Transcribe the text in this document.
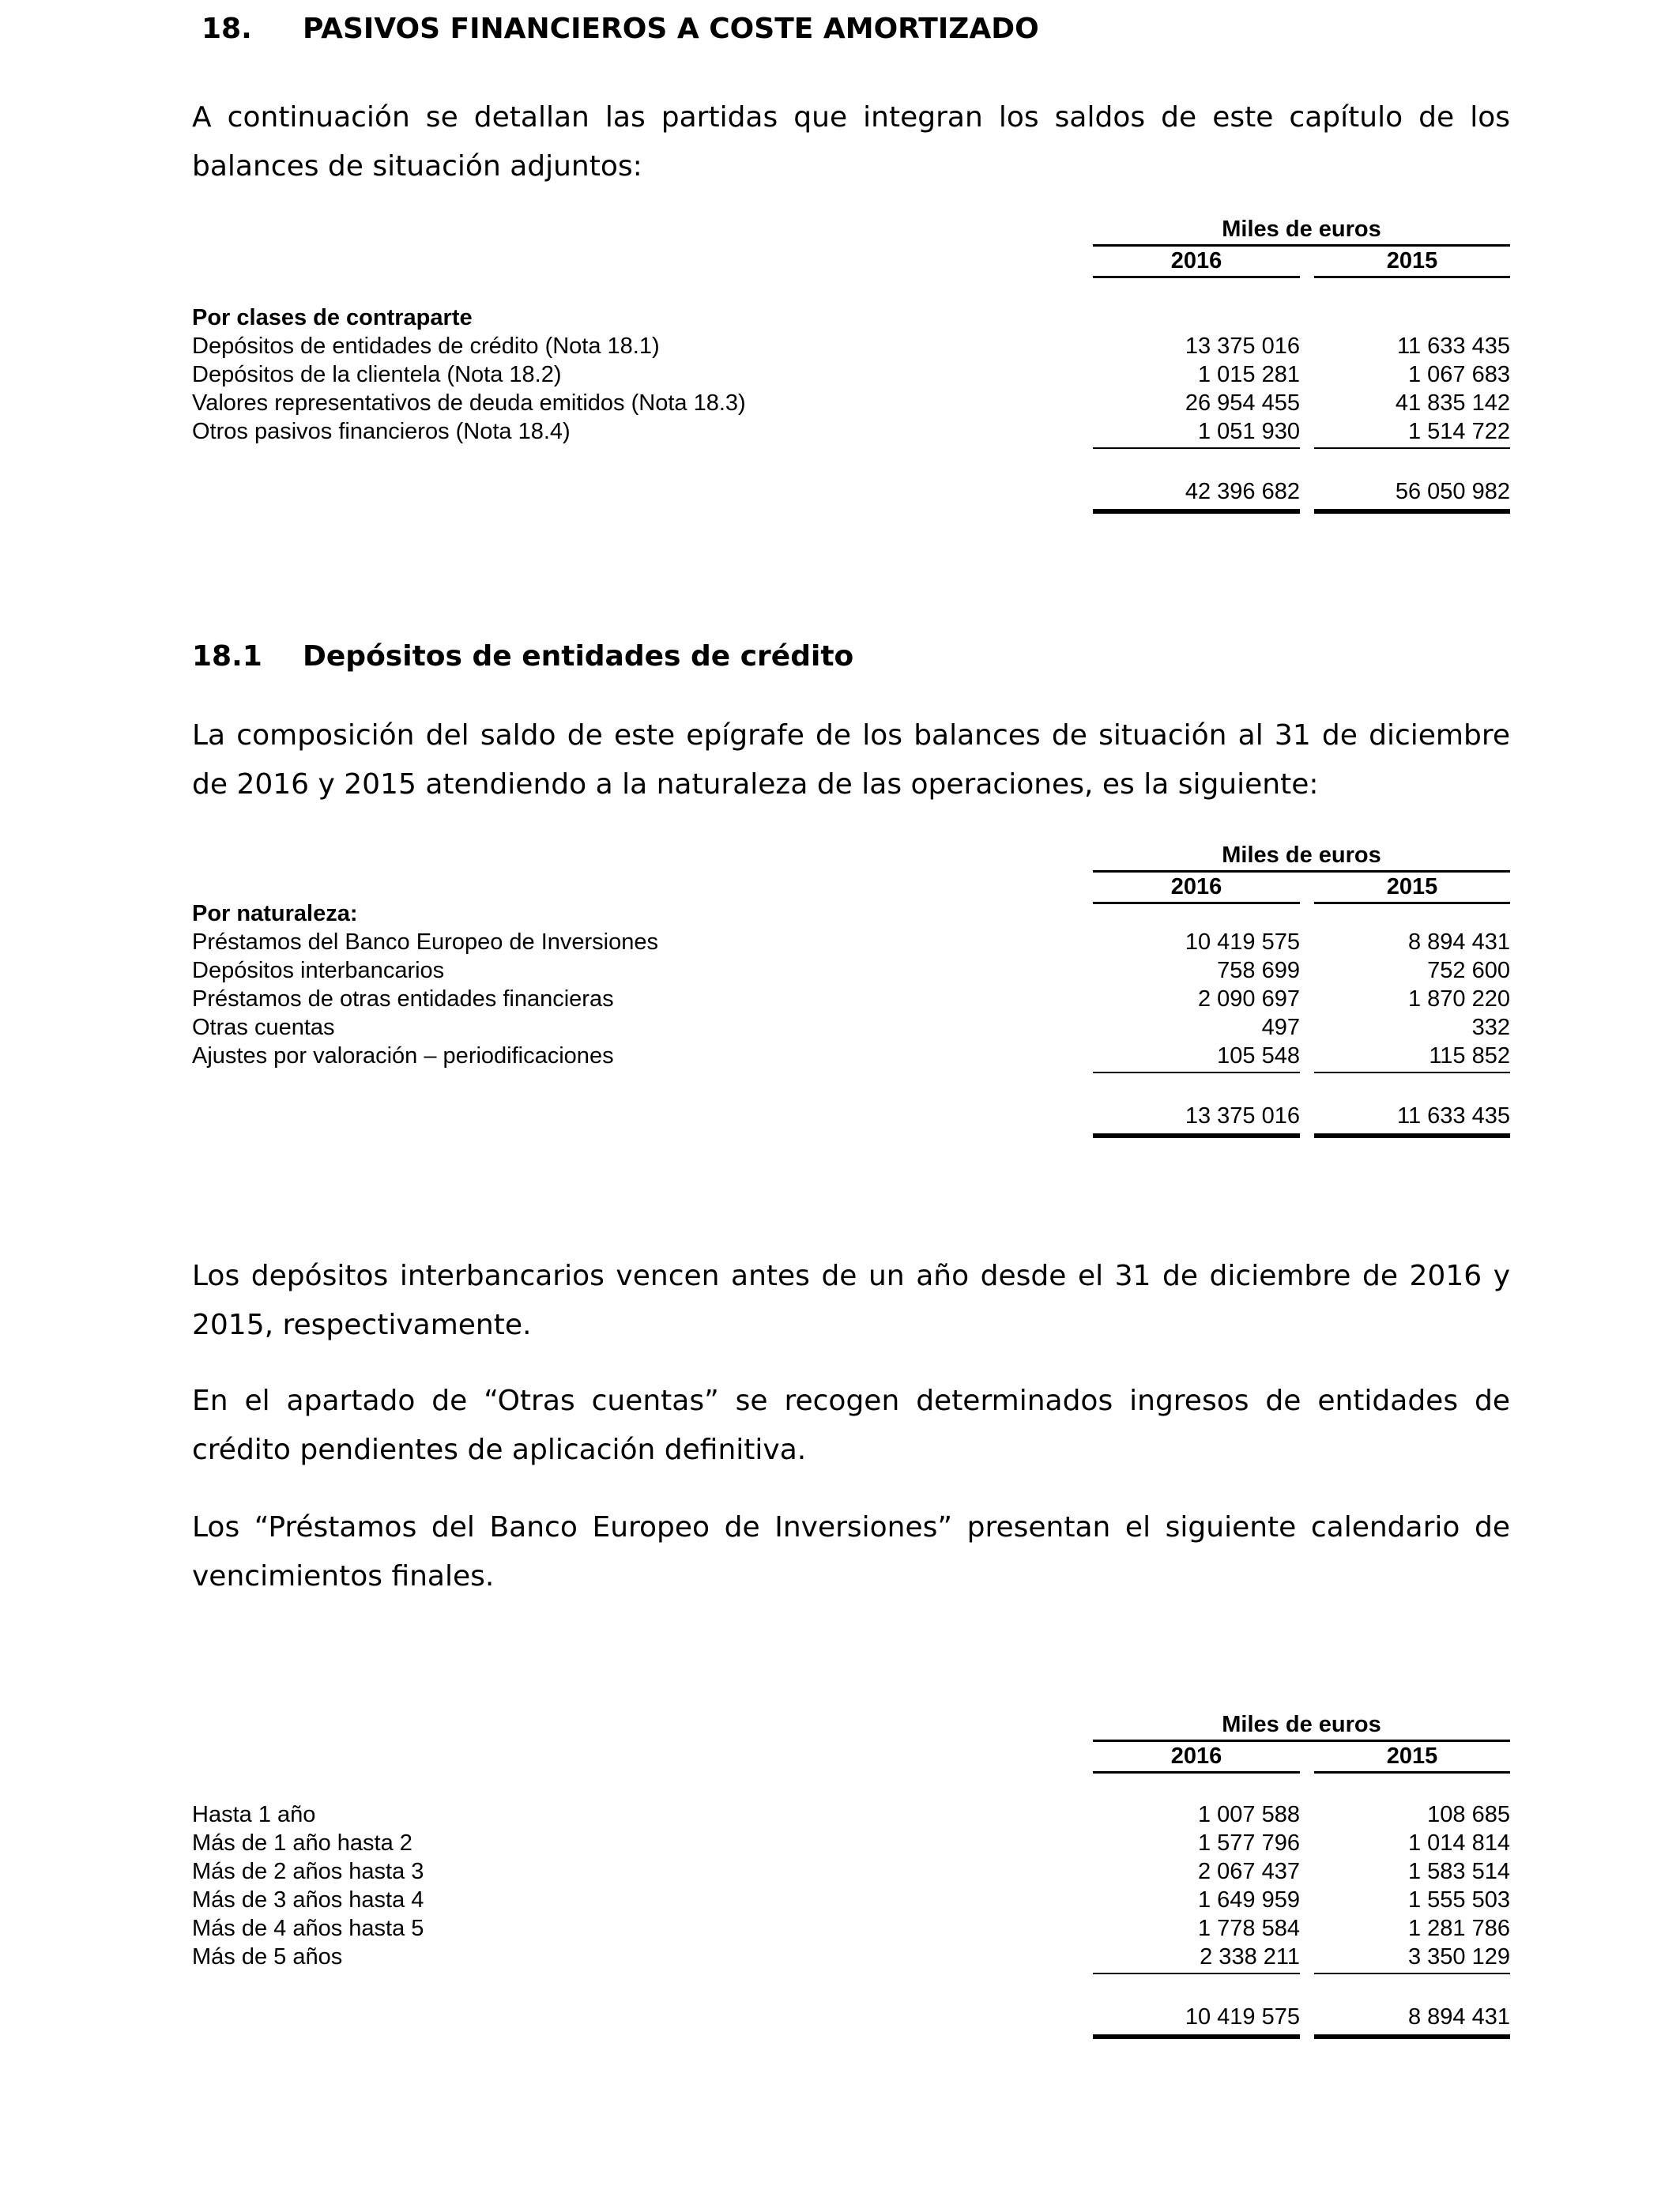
18. PASIVOS FINANCIEROS A COSTE AMORTIZADO
A continuación se detallan las partidas que integran los saldos de este capítulo de los balances de situación adjuntos:
Miles de euros
2016	2015
Por clases de contraparte
Depósitos de entidades de crédito (Nota 18.1)	13 375 016	11 633 435
Depósitos de la clientela (Nota 18.2)	1 015 281	1 067 683
Valores representativos de deuda emitidos (Nota 18.3)	26 954 455	41 835 142
Otros pasivos financieros (Nota 18.4)	1 051 930	1 514 722
42 396 682	56 050 982
18.1 Depósitos de entidades de crédito
La composición del saldo de este epígrafe de los balances de situación al 31 de diciembre de 2016 y 2015 atendiendo a la naturaleza de las operaciones, es la siguiente:
Miles de euros
2016	2015
Por naturaleza:
Préstamos del Banco Europeo de Inversiones	10 419 575	8 894 431
Depósitos interbancarios	758 699	752 600
Préstamos de otras entidades financieras	2 090 697	1 870 220
Otras cuentas	497	332
Ajustes por valoración – periodificaciones	105 548	115 852
13 375 016	11 633 435
Los depósitos interbancarios vencen antes de un año desde el 31 de diciembre de 2016 y 2015, respectivamente.
En el apartado de “Otras cuentas” se recogen determinados ingresos de entidades de crédito pendientes de aplicación definitiva.
Los “Préstamos del Banco Europeo de Inversiones” presentan el siguiente calendario de vencimientos finales.
Miles de euros
2016	2015
Hasta 1 año	1 007 588	108 685
Más de 1 año hasta 2	1 577 796	1 014 814
Más de 2 años hasta 3	2 067 437	1 583 514
Más de 3 años hasta 4	1 649 959	1 555 503
Más de 4 años hasta 5	1 778 584	1 281 786
Más de 5 años	2 338 211	3 350 129
10 419 575	8 894 431
